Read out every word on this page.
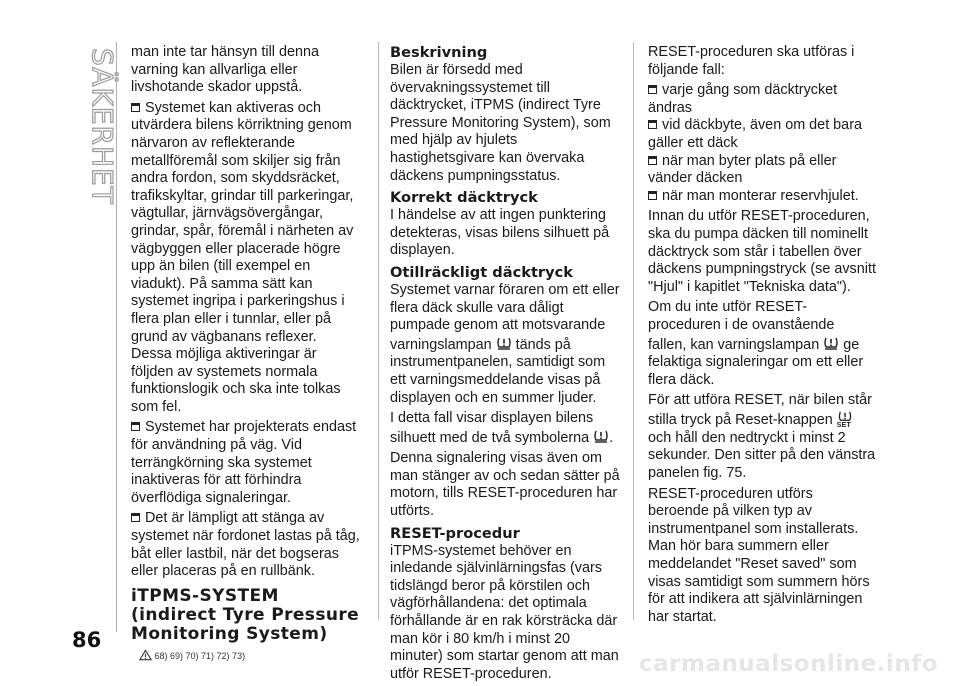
SÄKERHET man inte tar hänsyn till denna varning kan allvarliga eller livshotande skador uppstå.

Systemet kan aktiveras och utvärdera bilens körriktning genom närvaron av reflekterande metallföremål som skiljer sig från andra fordon, som skyddsräcket, trafikskyltar, grindar till parkeringar, vägtullar, järnvägsövergångar, grindar, spår, föremål i närheten av vägbyggen eller placerade högre upp än bilen (till exempel en viadukt). På samma sätt kan systemet ingripa i parkeringshus i flera plan eller i tunnlar, eller på grund av vägbanans reflexer. Dessa möjliga aktiveringar är följden av systemets normala funktionslogik och ska inte tolkas som fel.

Systemet har projekterats endast för användning på väg. Vid terrängkörning ska systemet inaktiveras för att förhindra överflödiga signaleringar.

Det är lämpligt att stänga av systemet när fordonet lastas på tåg, båt eller lastbil, när det bogseras eller placeras på en rullbänk.

iTPMS-SYSTEM (indirect Tyre Pressure Monitoring System)
68) 69) 70) 71) 72) 73)
Beskrivning

Bilen är försedd med övervakningssystemet till däcktrycket, iTPMS (indirect Tyre Pressure Monitoring System), som med hjälp av hjulets hastighetsgivare kan övervaka däckens pumpningsstatus.

Korrekt däcktryck

I händelse av att ingen punktering detekteras, visas bilens silhuett på displayen.

Otillräckligt däcktryck

Systemet varnar föraren om ett eller flera däck skulle vara dåligt pumpade genom att motsvarande varningslampan tänds på instrumentpanelen, samtidigt som ett varningsmeddelande visas på displayen och en summer ljuder.

I detta fall visar displayen bilens silhuett med de två symbolerna .

Denna signalering visas även om man stänger av och sedan sätter på motorn, tills RESET-proceduren har utförts.

RESET-procedur

iTPMS-systemet behöver en inledande självinlärningsfas (vars tidslängd beror på körstilen och vägförhållandena: det optimala förhållande är en rak körsträcka där man kör i 80 km/h i minst 20 minuter) som startar genom att man utför RESET-proceduren.

RESET-proceduren ska utföras i följande fall:

varje gång som däcktrycket ändras

vid däckbyte, även om det bara gäller ett däck

när man byter plats på eller vänder däcken

när man monterar reservhjulet.

Innan du utför RESET-proceduren, ska du pumpa däcken till nominellt däcktryck som står i tabellen över däckens pumpningstryck (se avsnitt "Hjul" i kapitlet "Tekniska data").

Om du inte utför RESET-proceduren i de ovanstående fallen, kan varningslampan ge felaktiga signaleringar om ett eller flera däck.

För att utföra RESET, när bilen står stilla tryck på Reset-knappen SET
och håll den nedtryckt i minst 2 sekunder. Den sitter på den vänstra panelen fig. 75.

RESET-proceduren utförs beroende på vilken typ av instrumentpanel som installerats. Man hör bara summern eller meddelandet "Reset saved" som visas samtidigt som summern hörs för att indikera att självinlärningen har startat.

86
carmanualsonline.info
